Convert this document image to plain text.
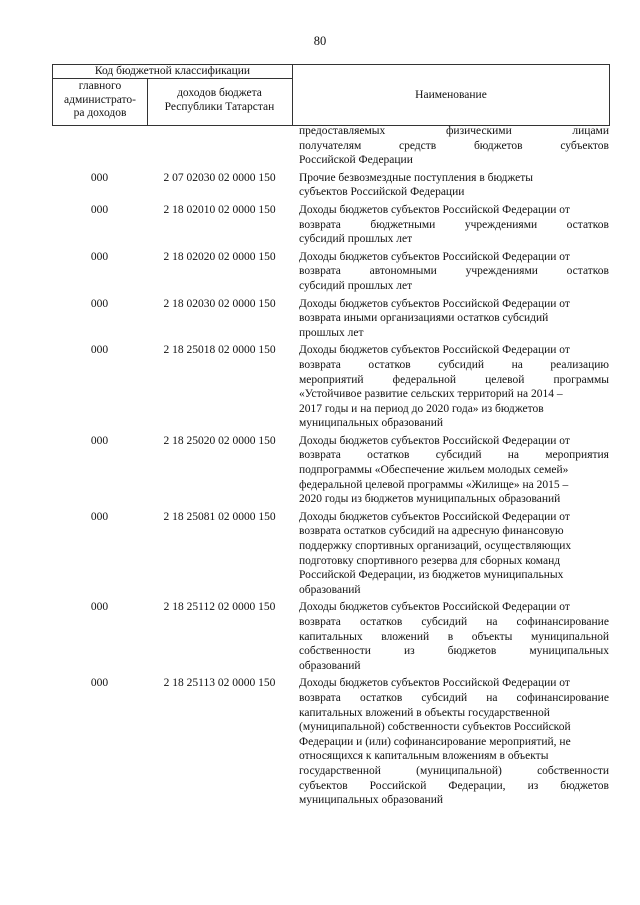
80
Код бюджетной классификации
главного
администрато-
ра доходов
доходов бюджета
Республики Татарстан
Наименование
предоставляемых	физическими	лицами
получателям	средств	бюджетов	субъектов
Российской Федерации
000	2 07 02030 02 0000 150	Прочие безвозмездные поступления в бюджеты
субъектов Российской Федерации
000	2 18 02010 02 0000 150	Доходы бюджетов субъектов Российской Федерации от
возврата	бюджетными	учреждениями	остатков
субсидий прошлых лет
000	2 18 02020 02 0000 150	Доходы бюджетов субъектов Российской Федерации от
возврата	автономными	учреждениями	остатков
субсидий прошлых лет
000	2 18 02030 02 0000 150	Доходы бюджетов субъектов Российской Федерации от
возврата иными организациями остатков субсидий
прошлых лет
000	2 18 25018 02 0000 150	Доходы бюджетов субъектов Российской Федерации от
возврата остатков субсидий на реализацию
мероприятий	федеральной	целевой	программы
«Устойчивое развитие сельских территорий на 2014 –
2017 годы и на период до 2020 года» из бюджетов
муниципальных образований
000	2 18 25020 02 0000 150	Доходы бюджетов субъектов Российской Федерации от
возврата остатков субсидий на мероприятия
подпрограммы «Обеспечение жильем молодых семей»
федеральной целевой программы «Жилище» на 2015 –
2020 годы из бюджетов муниципальных образований
000	2 18 25081 02 0000 150	Доходы бюджетов субъектов Российской Федерации от
возврата остатков субсидий на адресную финансовую
поддержку спортивных организаций, осуществляющих
подготовку спортивного резерва для сборных команд
Российской Федерации, из бюджетов муниципальных
образований
000	2 18 25112 02 0000 150	Доходы бюджетов субъектов Российской Федерации от
возврата остатков субсидий на софинансирование
капитальных вложений в объекты муниципальной
собственности	из	бюджетов	муниципальных
образований
000	2 18 25113 02 0000 150	Доходы бюджетов субъектов Российской Федерации от
возврата остатков субсидий на софинансирование
капитальных вложений в объекты государственной
(муниципальной) собственности субъектов Российской
Федерации и (или) софинансирование мероприятий, не
относящихся к капитальным вложениям в объекты
государственной	(муниципальной)	собственности
субъектов Российской Федерации, из бюджетов
муниципальных образований
